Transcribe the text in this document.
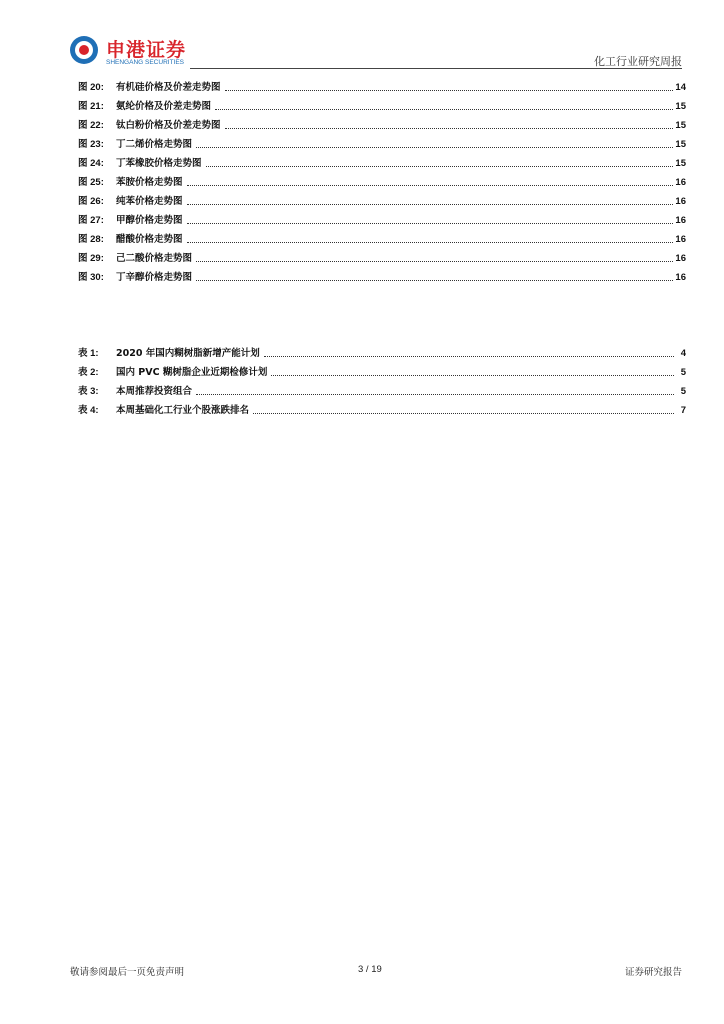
申港证券
SHENGANG SECURITIES	化工行业研究周报
图 20:	有机硅价格及价差走势图	14
图 21:	氨纶价格及价差走势图	15
图 22:	钛白粉价格及价差走势图	15
图 23:	丁二烯价格走势图	15
图 24:	丁苯橡胶价格走势图	15
图 25:	苯胺价格走势图	16
图 26:	纯苯价格走势图	16
图 27:	甲醇价格走势图	16
图 28:	醋酸价格走势图	16
图 29:	己二酸价格走势图	16
图 30:	丁辛醇价格走势图	16
表 1:	2020 年国内糊树脂新增产能计划	4
表 2:	国内 PVC 糊树脂企业近期检修计划	5
表 3:	本周推荐投资组合	5
表 4:	本周基础化工行业个股涨跌排名	7
敬请参阅最后一页免责声明	3 / 19	证券研究报告
